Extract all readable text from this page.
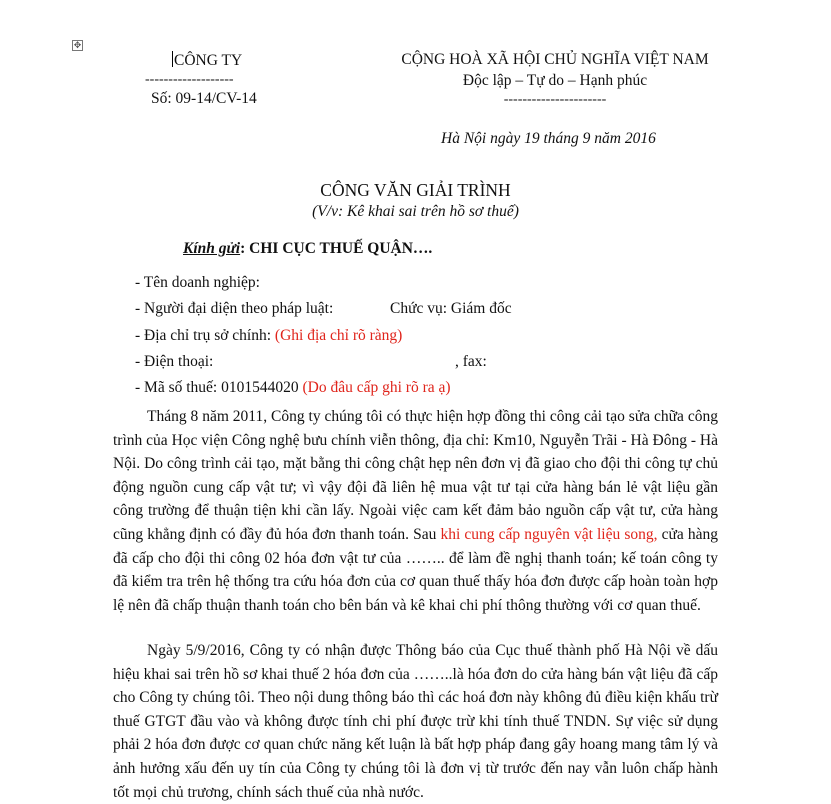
✥
CÔNG TY
-------------------
Số: 09-14/CV-14
CỘNG HOÀ XÃ HỘI CHỦ NGHĨA VIỆT NAM
Độc lập – Tự do – Hạnh phúc
----------------------
Hà Nội ngày 19 tháng 9 năm 2016
CÔNG VĂN GIẢI TRÌNH
(V/v: Kê khai sai trên hồ sơ thuế)
Kính gửi: CHI CỤC THUẾ QUẬN….
- Tên doanh nghiệp:
- Người đại diện theo pháp luật:	Chức vụ: Giám đốc
- Địa chỉ trụ sở chính: (Ghi địa chỉ rõ ràng)
- Điện thoại:	, fax:
- Mã số thuế: 0101544020 (Do đâu cấp ghi rõ ra ạ)

Tháng 8 năm 2011, Công ty chúng tôi có thực hiện hợp đồng thi công cải tạo sửa chữa công trình của Học viện Công nghệ bưu chính viễn thông, địa chỉ: Km10, Nguyễn Trãi - Hà Đông - Hà Nội. Do công trình cải tạo, mặt bằng thi công chật hẹp nên đơn vị đã giao cho đội thi công tự chủ động nguồn cung cấp vật tư; vì vậy đội đã liên hệ mua vật tư tại cửa hàng bán lẻ vật liệu gần công trường để thuận tiện khi cần lấy. Ngoài việc cam kết đảm bảo nguồn cấp vật tư, cửa hàng cũng khẳng định có đầy đủ hóa đơn thanh toán. Sau khi cung cấp nguyên vật liệu song, cửa hàng đã cấp cho đội thi công 02 hóa đơn vật tư của …….. để làm đề nghị thanh toán; kế toán công ty đã kiểm tra trên hệ thống tra cứu hóa đơn của cơ quan thuế thấy hóa đơn được cấp hoàn toàn hợp lệ nên đã chấp thuận thanh toán cho bên bán và kê khai chi phí thông thường với cơ quan thuế.

Ngày 5/9/2016, Công ty có nhận được Thông báo của Cục thuế thành phố Hà Nội về dấu hiệu khai sai trên hồ sơ khai thuế 2 hóa đơn của ……..là hóa đơn do cửa hàng bán vật liệu đã cấp cho Công ty chúng tôi. Theo nội dung thông báo thì các hoá đơn này không đủ điều kiện khấu trừ thuế GTGT đầu vào và không được tính chi phí được trừ khi tính thuế TNDN. Sự việc sử dụng phải 2 hóa đơn được cơ quan chức năng kết luận là bất hợp pháp đang gây hoang mang tâm lý và ảnh hưởng xấu đến uy tín của Công ty chúng tôi là đơn vị từ trước đến nay vẫn luôn chấp hành tốt mọi chủ trương, chính sách thuế của nhà nước.
